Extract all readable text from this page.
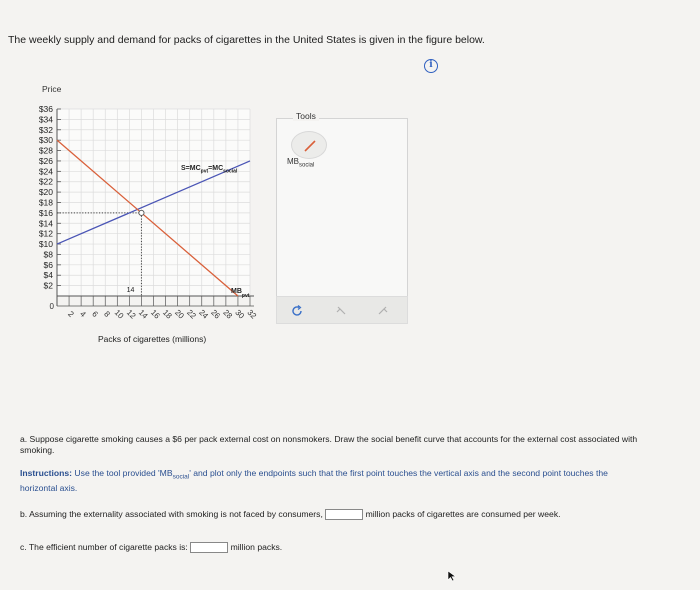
The weekly supply and demand for packs of cigarettes in the United States is given in the figure below.
i
Price
$2
$4
$6
$8
$10
$12
$14
$16
$18
$20
$22
$24
$26
$28
$30
$32
$34
$36
0
2 4 6 8 10 12 14 16 18 20 22 24 26 28 30 32
14
$S=MC_{pvt}=MC_{social}$
$MB_{pvt}$
Packs of cigarettes (millions)
Tools
$MB_{social}$
a. Suppose cigarette smoking causes a $6 per pack external cost on nonsmokers. Draw the social benefit curve that accounts for the external cost associated with smoking.
Instructions: Use the tool provided '$MB_{social}$' and plot only the endpoints such that the first point touches the vertical axis and the second point touches the horizontal axis.
b. Assuming the externality associated with smoking is not faced by consumers,	million packs of cigarettes are consumed per week.
c. The efficient number of cigarette packs is:	million packs.
